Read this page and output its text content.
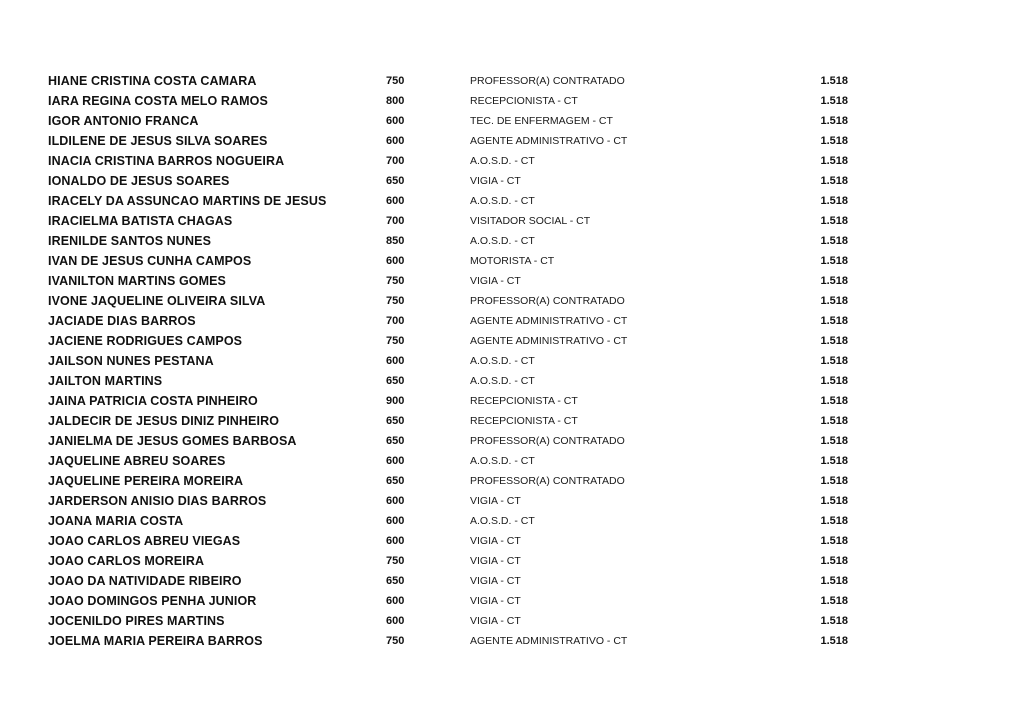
HIANE CRISTINA COSTA CAMARA	750	PROFESSOR(A) CONTRATADO	1.518
IARA REGINA COSTA MELO RAMOS	800	RECEPCIONISTA - CT	1.518
IGOR ANTONIO FRANCA	600	TEC. DE ENFERMAGEM - CT	1.518
ILDILENE DE JESUS SILVA SOARES	600	AGENTE ADMINISTRATIVO - CT	1.518
INACIA CRISTINA BARROS NOGUEIRA	700	A.O.S.D. - CT	1.518
IONALDO DE JESUS SOARES	650	VIGIA - CT	1.518
IRACELY DA ASSUNCAO MARTINS DE JESUS	600	A.O.S.D. - CT	1.518
IRACIELMA BATISTA CHAGAS	700	VISITADOR SOCIAL - CT	1.518
IRENILDE SANTOS NUNES	850	A.O.S.D. - CT	1.518
IVAN DE JESUS CUNHA CAMPOS	600	MOTORISTA - CT	1.518
IVANILTON MARTINS GOMES	750	VIGIA - CT	1.518
IVONE JAQUELINE OLIVEIRA SILVA	750	PROFESSOR(A) CONTRATADO	1.518
JACIADE DIAS BARROS	700	AGENTE ADMINISTRATIVO - CT	1.518
JACIENE RODRIGUES CAMPOS	750	AGENTE ADMINISTRATIVO - CT	1.518
JAILSON NUNES PESTANA	600	A.O.S.D. - CT	1.518
JAILTON MARTINS	650	A.O.S.D. - CT	1.518
JAINA PATRICIA COSTA PINHEIRO	900	RECEPCIONISTA - CT	1.518
JALDECIR DE JESUS DINIZ PINHEIRO	650	RECEPCIONISTA - CT	1.518
JANIELMA DE JESUS GOMES BARBOSA	650	PROFESSOR(A) CONTRATADO	1.518
JAQUELINE ABREU SOARES	600	A.O.S.D. - CT	1.518
JAQUELINE PEREIRA MOREIRA	650	PROFESSOR(A) CONTRATADO	1.518
JARDERSON ANISIO DIAS BARROS	600	VIGIA - CT	1.518
JOANA MARIA COSTA	600	A.O.S.D. - CT	1.518
JOAO CARLOS ABREU VIEGAS	600	VIGIA - CT	1.518
JOAO CARLOS MOREIRA	750	VIGIA - CT	1.518
JOAO DA NATIVIDADE RIBEIRO	650	VIGIA - CT	1.518
JOAO DOMINGOS PENHA JUNIOR	600	VIGIA - CT	1.518
JOCENILDO PIRES MARTINS	600	VIGIA - CT	1.518
JOELMA MARIA PEREIRA BARROS	750	AGENTE ADMINISTRATIVO - CT	1.518
